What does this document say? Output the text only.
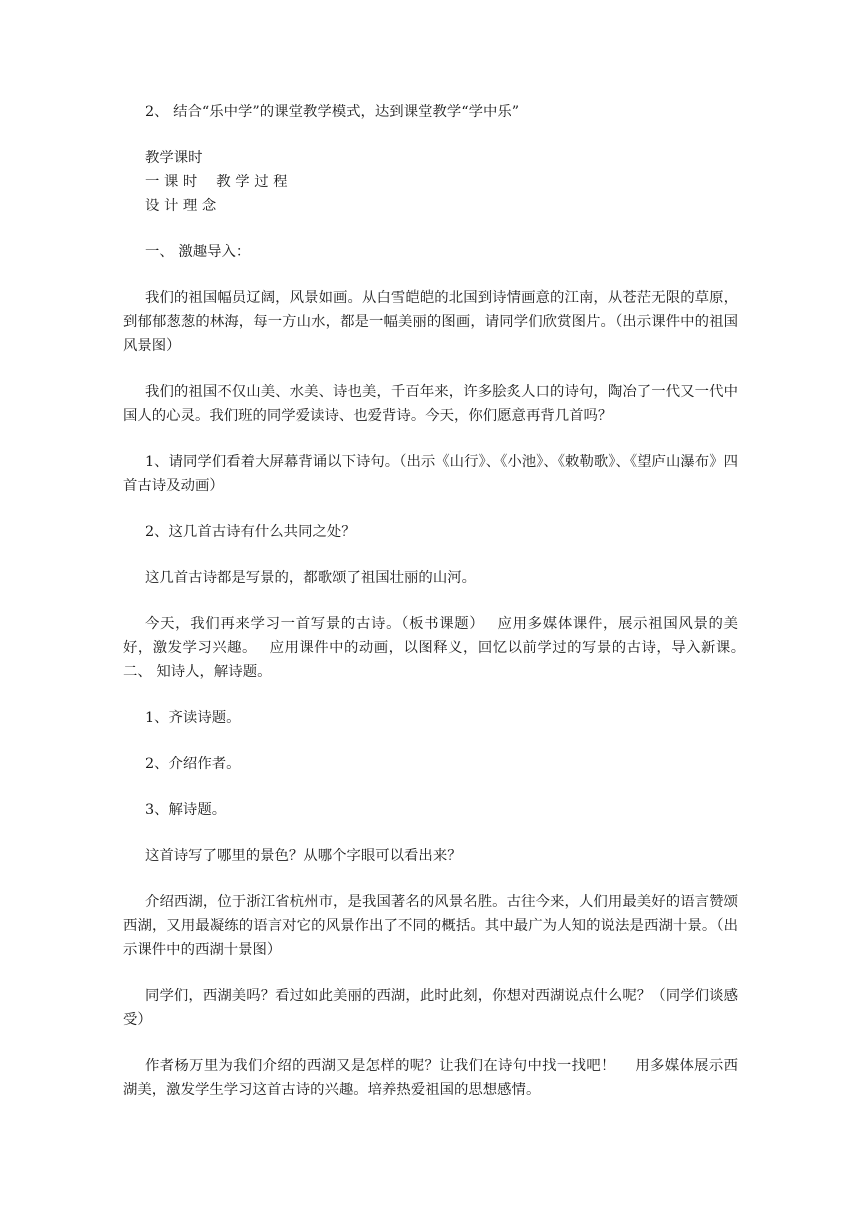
2、 结合“乐中学”的课堂教学模式，达到课堂教学“学中乐”

教学课时

一 课 时　 教 学 过 程

设 计 理 念

一、 激趣导入：

我们的祖国幅员辽阔，风景如画。从白雪皑皑的北国到诗情画意的江南，从苍茫无限的草原，到郁郁葱葱的林海，每一方山水，都是一幅美丽的图画，请同学们欣赏图片。（出示课件中的祖国风景图）

我们的祖国不仅山美、水美、诗也美，千百年来，许多脍炙人口的诗句，陶冶了一代又一代中国人的心灵。我们班的同学爱读诗、也爱背诗。今天，你们愿意再背几首吗？

1、请同学们看着大屏幕背诵以下诗句。（出示《山行》、《小池》、《敕勒歌》、《望庐山瀑布》四首古诗及动画）

2、这几首古诗有什么共同之处？

这几首古诗都是写景的，都歌颂了祖国壮丽的山河。

今天，我们再来学习一首写景的古诗。（板书课题）　 应用多媒体课件，展示祖国风景的美好，激发学习兴趣。　 应用课件中的动画，以图释义，回忆以前学过的写景的古诗，导入新课。　 二、 知诗人，解诗题。

1、齐读诗题。

2、介绍作者。

3、解诗题。

这首诗写了哪里的景色？从哪个字眼可以看出来？

介绍西湖，位于浙江省杭州市，是我国著名的风景名胜。古往今来，人们用最美好的语言赞颂西湖，又用最凝练的语言对它的风景作出了不同的概括。其中最广为人知的说法是西湖十景。（出示课件中的西湖十景图）

同学们，西湖美吗？看过如此美丽的西湖，此时此刻，你想对西湖说点什么呢？（同学们谈感受）

作者杨万里为我们介绍的西湖又是怎样的呢？让我们在诗句中找一找吧！　 用多媒体展示西湖美，激发学生学习这首古诗的兴趣。培养热爱祖国的思想感情。
